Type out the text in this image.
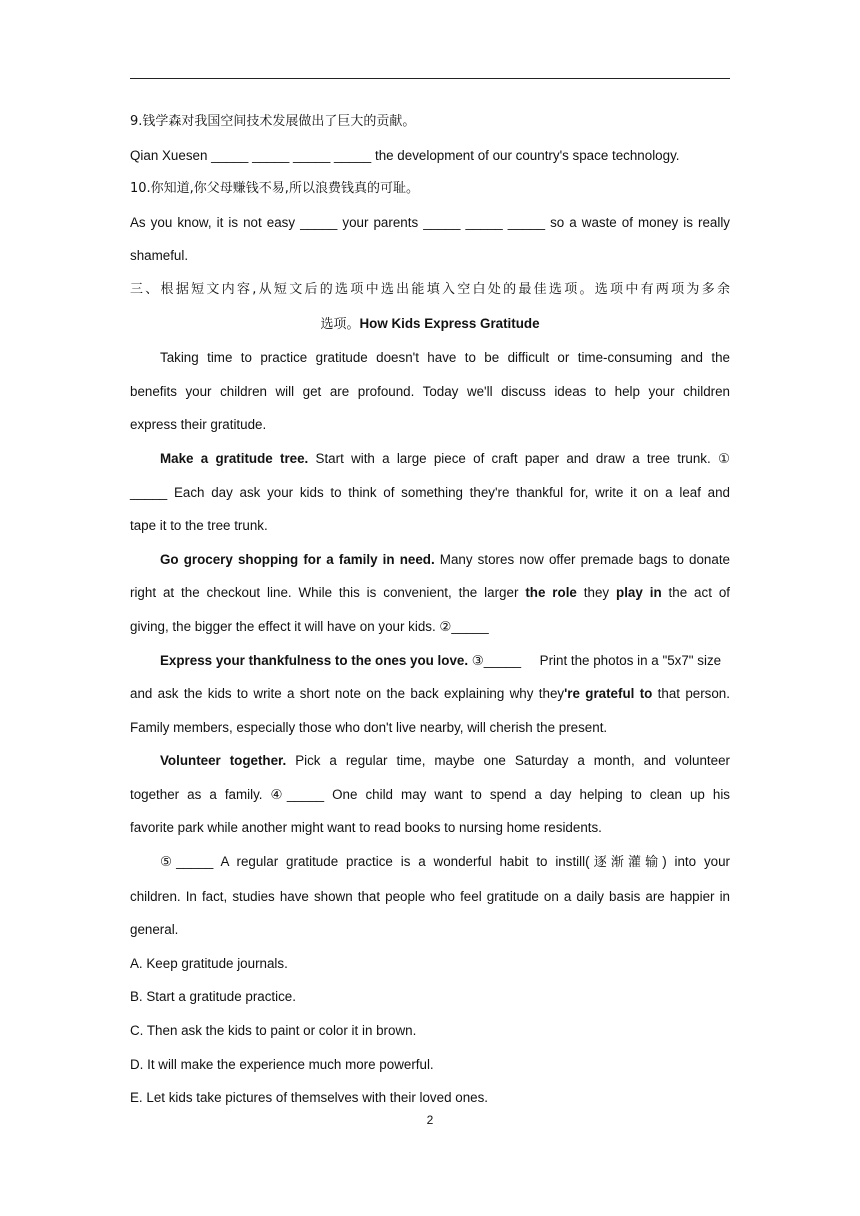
9.钱学森对我国空间技术发展做出了巨大的贡献。
Qian Xuesen _____ _____ _____ _____ the development of our country's space technology.
10.你知道,你父母赚钱不易,所以浪费钱真的可耻。
As you know, it is not easy _____ your parents _____ _____ _____ so a waste of money is really
shameful.
三、根据短文内容,从短文后的选项中选出能填入空白处的最佳选项。选项中有两项为多余
选项。How Kids Express Gratitude
Taking time to practice gratitude doesn't have to be difficult or time-consuming and the
benefits your children will get are profound. Today we'll discuss ideas to help your children
express their gratitude.
Make a gratitude tree. Start with a large piece of craft paper and draw a tree trunk. ①
_____ Each day ask your kids to think of something they're thankful for, write it on a leaf and
tape it to the tree trunk.
Go grocery shopping for a family in need. Many stores now offer premade bags to donate
right at the checkout line. While this is convenient, the larger the role they play in the act of
giving, the bigger the effect it will have on your kids. ②_____
Express your thankfulness to the ones you love. ③_____     Print the photos in a "5x7" size
and ask the kids to write a short note on the back explaining why they're grateful to that person.
Family members, especially those who don't live nearby, will cherish the present.
Volunteer together. Pick a regular time, maybe one Saturday a month, and volunteer
together as a family. ④_____ One child may want to spend a day helping to clean up his
favorite park while another might want to read books to nursing home residents.
⑤_____ A regular gratitude practice is a wonderful habit to instill(逐渐灌输) into your
children. In fact, studies have shown that people who feel gratitude on a daily basis are happier in
general.
A. Keep gratitude journals.
B. Start a gratitude practice.
C. Then ask the kids to paint or color it in brown.
D. It will make the experience much more powerful.
E. Let kids take pictures of themselves with their loved ones.
2
